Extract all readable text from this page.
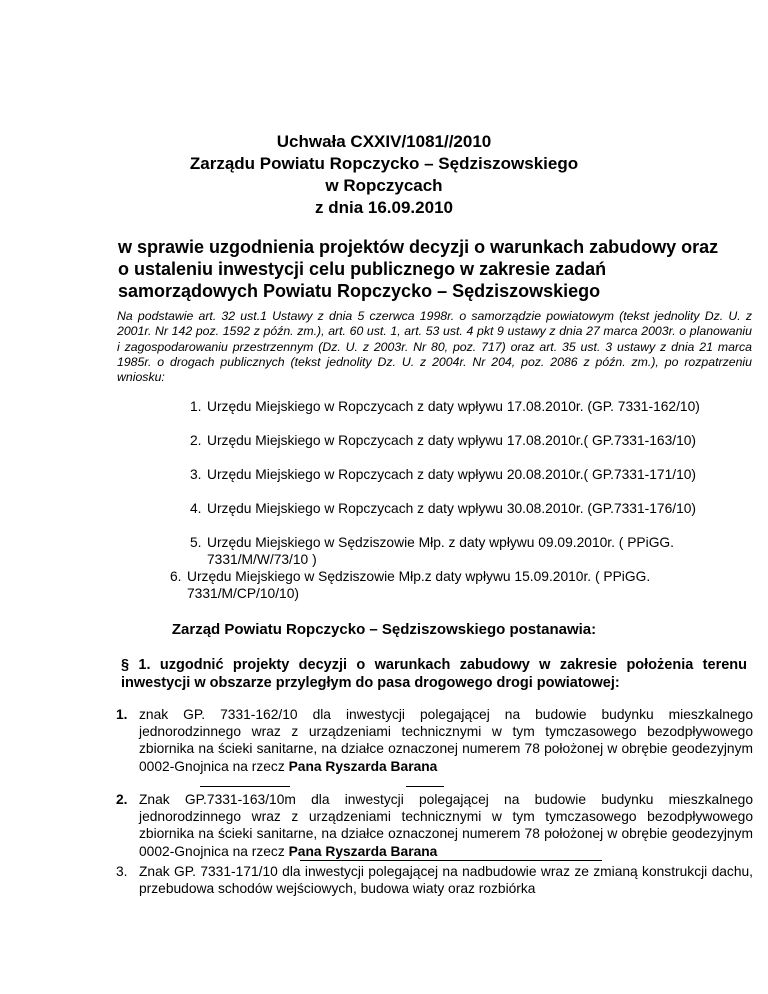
Uchwała CXXIV/1081//2010
Zarządu Powiatu Ropczycko – Sędziszowskiego
w Ropczycach
z dnia 16.09.2010
w sprawie uzgodnienia projektów decyzji o warunkach zabudowy oraz o ustaleniu inwestycji celu publicznego w zakresie zadań samorządowych Powiatu Ropczycko – Sędziszowskiego
Na podstawie art. 32 ust.1 Ustawy z dnia 5 czerwca 1998r. o samorządzie powiatowym (tekst jednolity Dz. U. z 2001r. Nr 142 poz. 1592 z późn. zm.), art. 60 ust. 1, art. 53 ust. 4 pkt 9 ustawy z dnia 27 marca 2003r. o planowaniu i zagospodarowaniu przestrzennym (Dz. U. z 2003r. Nr 80, poz. 717) oraz art. 35 ust. 3 ustawy z dnia 21 marca 1985r. o drogach publicznych (tekst jednolity Dz. U. z 2004r. Nr 204, poz. 2086 z późn. zm.), po rozpatrzeniu wniosku:
1. Urzędu Miejskiego w Ropczycach z daty wpływu 17.08.2010r. (GP. 7331-162/10)
2. Urzędu Miejskiego w Ropczycach z daty wpływu 17.08.2010r.( GP.7331-163/10)
3. Urzędu Miejskiego w Ropczycach z daty wpływu 20.08.2010r.( GP.7331-171/10)
4. Urzędu Miejskiego w Ropczycach z daty wpływu 30.08.2010r. (GP.7331-176/10)
5. Urzędu Miejskiego w Sędziszowie Młp. z daty wpływu 09.09.2010r. ( PPiGG. 7331/M/W/73/10 )
6. Urzędu Miejskiego w Sędziszowie Młp.z daty wpływu 15.09.2010r. ( PPiGG. 7331/M/CP/10/10)
Zarząd Powiatu Ropczycko – Sędziszowskiego postanawia:
§ 1. uzgodnić projekty decyzji o warunkach zabudowy w zakresie położenia terenu inwestycji w obszarze przyległym do pasa drogowego drogi powiatowej:
1. znak GP. 7331-162/10 dla inwestycji polegającej na budowie budynku mieszkalnego jednorodzinnego wraz z urządzeniami technicznymi w tym tymczasowego bezodpływowego zbiornika na ścieki sanitarne, na działce oznaczonej numerem 78 położonej w obrębie geodezyjnym 0002-Gnojnica na rzecz Pana Ryszarda Barana
2. Znak GP.7331-163/10m dla inwestycji polegającej na budowie budynku mieszkalnego jednorodzinnego wraz z urządzeniami technicznymi w tym tymczasowego bezodpływowego zbiornika na ścieki sanitarne, na działce oznaczonej numerem 78 położonej w obrębie geodezyjnym 0002-Gnojnica na rzecz Pana Ryszarda Barana
3. Znak GP. 7331-171/10 dla inwestycji polegającej na nadbudowie wraz ze zmianą konstrukcji dachu, przebudowa schodów wejściowych, budowa wiaty oraz rozbiórka
